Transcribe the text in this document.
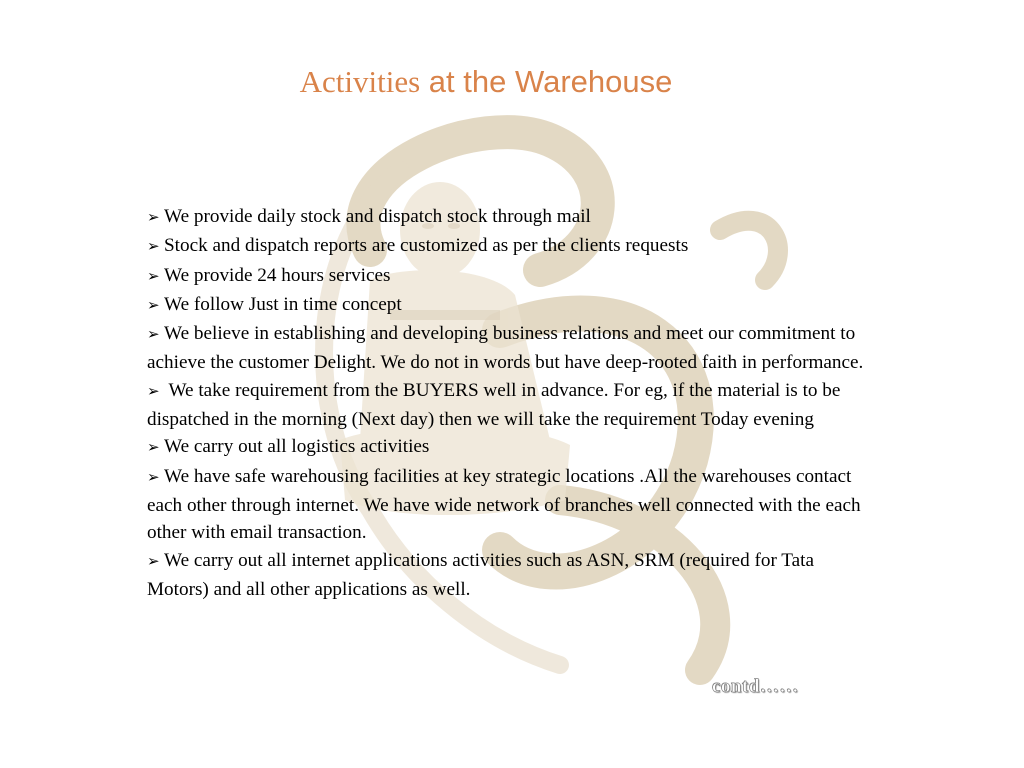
Activities at the Warehouse

➢ We provide daily stock and dispatch stock through mail

➢ Stock and dispatch reports are customized as per the clients requests

➢ We provide 24 hours services

➢ We follow Just in time concept

➢ We believe in establishing and developing business relations and meet our commitment to achieve the customer Delight. We do not in words but have deep-rooted faith in performance.

➢ We take requirement from the BUYERS well in advance. For eg, if the material is to be dispatched in the morning (Next day) then we will take the requirement Today evening

➢ We carry out all logistics activities

➢ We have safe warehousing facilities at key strategic locations .All the warehouses contact each other through internet. We have wide network of branches well connected with the each other with email transaction.

➢ We carry out all internet applications activities such as ASN, SRM (required for Tata Motors) and all other applications as well.

contd……
